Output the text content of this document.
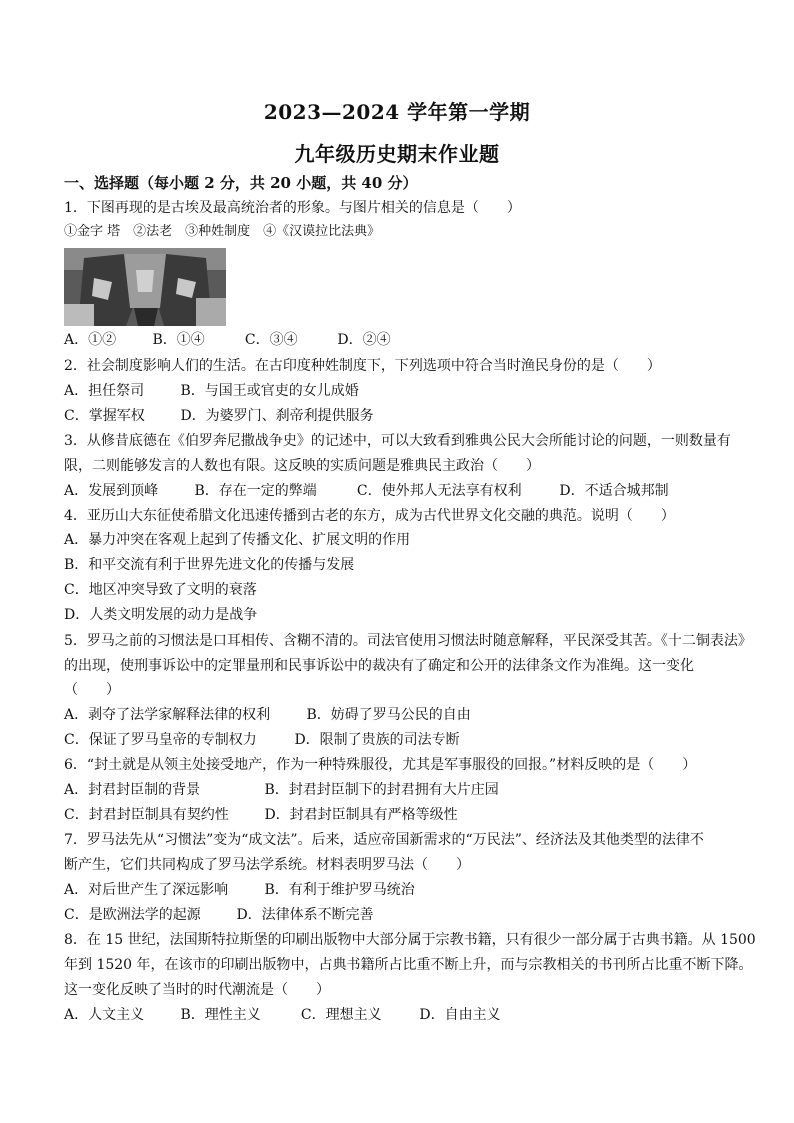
2023—2024 学年第一学期
九年级历史期末作业题
一、选择题（每小题 2 分，共 20 小题，共 40 分）
1．下图再现的是古埃及最高统治者的形象。与图片相关的信息是（　　）
①金字 塔　②法老　③种姓制度　④《汉谟拉比法典》
A．①②	B．①④	C．③④	D．②④
2．社会制度影响人们的生活。在古印度种姓制度下，下列选项中符合当时渔民身份的是（　　）
A．担任祭司	B．与国王或官吏的女儿成婚
C．掌握军权	D．为婆罗门、刹帝利提供服务
3．从修昔底德在《伯罗奔尼撒战争史》的记述中，可以大致看到雅典公民大会所能讨论的问题，一则数量有
限，二则能够发言的人数也有限。这反映的实质问题是雅典民主政治（　　）
A．发展到顶峰	B．存在一定的弊端	C．使外邦人无法享有权利	D．不适合城邦制
4．亚历山大东征使希腊文化迅速传播到古老的东方，成为古代世界文化交融的典范。说明（　　）
A．暴力冲突在客观上起到了传播文化、扩展文明的作用
B．和平交流有利于世界先进文化的传播与发展
C．地区冲突导致了文明的衰落
D．人类文明发展的动力是战争
5．罗马之前的习惯法是口耳相传、含糊不清的。司法官使用习惯法时随意解释，平民深受其苦。《十二铜表法》
的出现，使刑事诉讼中的定罪量刑和民事诉讼中的裁决有了确定和公开的法律条文作为准绳。这一变化
（　　）
A．剥夺了法学家解释法律的权利	B．妨碍了罗马公民的自由
C．保证了罗马皇帝的专制权力	D．限制了贵族的司法专断
6．“封土就是从领主处接受地产，作为一种特殊服役，尤其是军事服役的回报。”材料反映的是（　　）
A．封君封臣制的背景	B．封君封臣制下的封君拥有大片庄园
C．封君封臣制具有契约性	D．封君封臣制具有严格等级性
7．罗马法先从“习惯法”变为“成文法”。后来，适应帝国新需求的“万民法”、经济法及其他类型的法律不
断产生，它们共同构成了罗马法学系统。材料表明罗马法（　　）
A．对后世产生了深远影响	B．有利于维护罗马统治
C．是欧洲法学的起源	D．法律体系不断完善
8．在 15 世纪，法国斯特拉斯堡的印刷出版物中大部分属于宗教书籍，只有很少一部分属于古典书籍。从 1500
年到 1520 年，在该市的印刷出版物中，占典书籍所占比重不断上升，而与宗教相关的书刊所占比重不断下降。
这一变化反映了当时的时代潮流是（　　）
A．人文主义	B．理性主义	C．理想主义	D．自由主义
